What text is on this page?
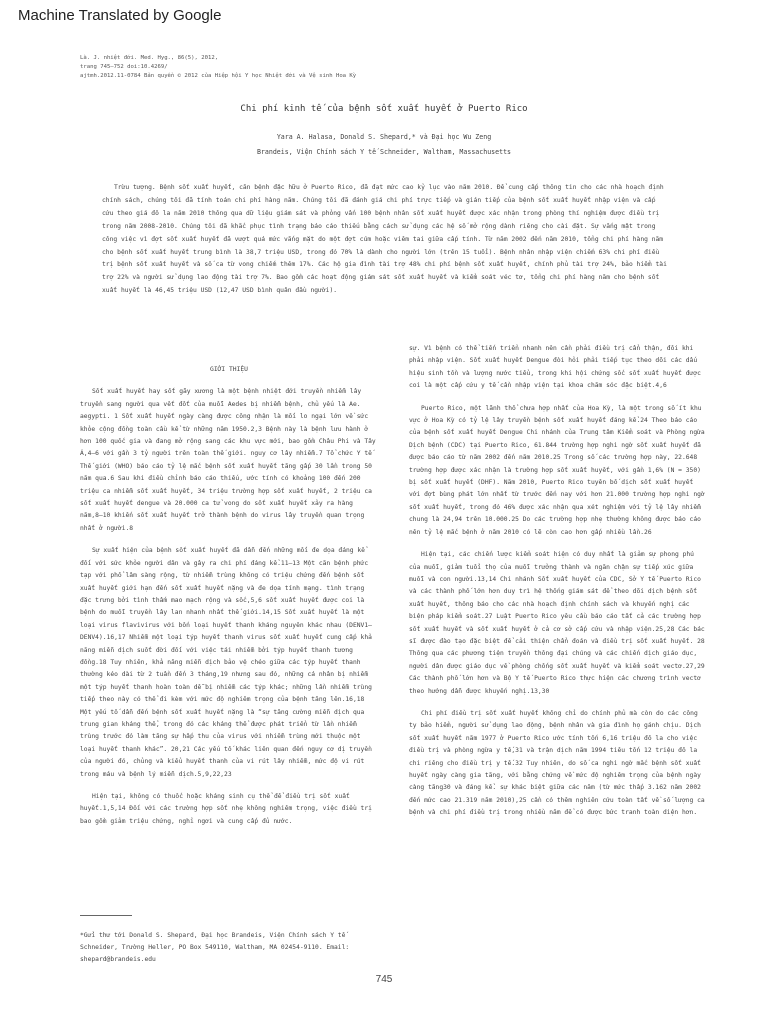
Machine Translated by Google
Là. J. nhiệt đới. Med. Hyg., 86(5), 2012,
trang 745–752 doi:10.4269/
ajtmh.2012.11-0784 Bản quyền © 2012 của Hiệp hội Y học Nhiệt đới và Vệ sinh Hoa Kỳ
Chi phí kinh tế của bệnh sốt xuất huyết ở Puerto Rico
Yara A. Halasa, Donald S. Shepard,* và Đại học Wu Zeng
Brandeis, Viện Chính sách Y tế Schneider, Waltham, Massachusetts
Trừu tượng. Bệnh sốt xuất huyết, căn bệnh đặc hữu ở Puerto Rico, đã đạt mức cao kỷ lục vào năm 2010. Để cung cấp thông tin cho các nhà hoạch định chính sách, chúng tôi đã tính toán chi phí hàng năm. Chúng tôi đã đánh giá chi phí trực tiếp và gián tiếp của bệnh sốt xuất huyết nhập viện và cấp cứu theo giá đô la năm 2010 thông qua dữ liệu giám sát và phỏng vấn 100 bệnh nhân sốt xuất huyết được xác nhận trong phòng thí nghiệm được điều trị trong năm 2008-2010. Chúng tôi đã khắc phục tình trạng báo cáo thiếu bằng cách sử dụng các hệ số mở rộng dành riêng cho cài đặt. Sự vắng mặt trong công việc vì đợt sốt xuất huyết đã vượt quá mức vắng mặt do một đợt cúm hoặc viêm tai giữa cấp tính. Từ năm 2002 đến năm 2010, tổng chi phí hàng năm cho bệnh sốt xuất huyết trung bình là 38,7 triệu USD, trong đó 70% là dành cho người lớn (trên 15 tuổi). Bệnh nhân nhập viện chiếm 63% chi phí điều trị bệnh sốt xuất huyết và số ca từ vong chiếm thêm 17%. Các hộ gia đình tài trợ 48% chi phí bệnh sốt xuất huyết, chính phủ tài trợ 24%, bảo hiểm tài trợ 22% và người sử dụng lao động tài trợ 7%. Bao gồm các hoạt động giám sát sốt xuất huyết và kiểm soát véc tơ, tổng chi phí hàng năm cho bệnh sốt xuất huyết là 46,45 triệu USD (12,47 USD bình quân đầu người).
GIỚI THIỆU

Sốt xuất huyết hay sốt gãy xương là một bệnh nhiệt đới truyền nhiễm lây truyền sang người qua vết đốt của muỗi Aedes bị nhiễm bệnh, chủ yếu là Ae. aegypti. 1 Sốt xuất huyết ngày càng được công nhận là mối lo ngại lớn về sức khỏe cộng đồng toàn cầu kể từ những năm 1950.2,3 Bệnh này là bệnh lưu hành ở hơn 100 quốc gia và đang mở rộng sang các khu vực mới, bao gồm Châu Phi và Tây Á,4–6 với gần 3 tỷ người trên toàn thế giới. nguy cơ lây nhiễm.7 Tổ chức Y tế Thế giới (WHO) báo cáo tỷ lệ mắc bệnh sốt xuất huyết tăng gấp 30 lần trong 50 năm qua.6 Sau khi điều chỉnh báo cáo thiếu, ước tính có khoảng 100 đến 200 triệu ca nhiễm sốt xuất huyết, 34 triệu trường hợp sốt xuất huyết, 2 triệu ca sốt xuất huyết dengue và 20.000 ca tử vong do sốt xuất huyết xảy ra hàng năm,8–10 khiến sốt xuất huyết trở thành bệnh do virus lây truyền quan trọng nhất ở người.8

Sự xuất hiện của bệnh sốt xuất huyết đã dẫn đến những mối đe dọa đáng kể đối với sức khỏe người dân và gây ra chi phí đáng kể.11–13 Một căn bệnh phức tạp với phổ lâm sàng rộng, từ nhiễm trùng không có triệu chứng đến bệnh sốt xuất huyết giới hạn đến sốt xuất huyết nặng và đe dọa tính mạng. tình trạng đặc trưng bởi tình thấm mao mạch rộng và sốc,5,6 sốt xuất huyết được coi là bệnh do muỗi truyền lây lan nhanh nhất thế giới.14,15 Sốt xuất huyết là một loại virus flavivirus với bốn loại huyết thanh kháng nguyên khác nhau (DENV1–DENV4).16,17 Nhiễm một loại týp huyết thanh virus sốt xuất huyết cung cấp khả năng miễn dịch suốt đời đối với việc tái nhiễm bởi týp huyết thanh tương đồng.18 Tuy nhiên, khả năng miễn dịch bảo vệ chéo giữa các týp huyết thanh thường kéo dài từ 2 tuần đến 3 tháng,19 nhưng sau đó, những cá nhân bị nhiễm một týp huyết thanh hoàn toàn dễ bị nhiễm các týp khác; những lần nhiễm trùng tiếp theo này có thể đi kèm với mức độ nghiêm trọng của bệnh tăng lên.16,18 Một yếu tố dẫn đến bệnh sốt xuất huyết nặng là “sự tăng cường miễn dịch qua trung gian kháng thể, trong đó các kháng thể được phát triển từ lần nhiễm trùng trước đó làm tăng sự hấp thu của virus với nhiễm trùng mới thuộc một loại huyết thanh khác”. 20,21 Các yếu tố khác liên quan đến nguy cơ dị truyền của người đó, chủng và kiểu huyết thanh của vi rút lây nhiễm, mức độ vi rút trong máu và bệnh lý miễn dịch.5,9,22,23

Hiện tại, không có thuốc hoặc kháng sinh cụ thể để điều trị sốt xuất huyết.1,5,14 Đối với các trường hợp sốt nhẹ không nghiêm trọng, việc điều trị bao gồm giảm triệu chứng, nghỉ ngơi và cung cấp đủ nước.

sự. Vì bệnh có thể tiến triển nhanh nên cần phải điều trị cẩn thận, đôi khi phải nhập viện. Sốt xuất huyết Dengue đòi hỏi phải tiếp tục theo dõi các dấu hiệu sinh tồn và lượng nước tiểu, trong khi hội chứng sốc sốt xuất huyết được coi là một cấp cứu y tế cần nhập viện tại khoa chăm sóc đặc biệt.4,6

Puerto Rico, một lãnh thổ chưa hợp nhất của Hoa Kỳ, là một trong số ít khu vực ở Hoa Kỳ có tỷ lệ lây truyền bệnh sốt xuất huyết đáng kể.24 Theo báo cáo của bệnh sốt xuất huyết Dengue Chi nhánh của Trung tâm Kiểm soát và Phòng ngừa Dịch bệnh (CDC) tại Puerto Rico, 61.844 trường hợp nghi ngờ sốt xuất huyết đã được báo cáo từ năm 2002 đến năm 2010.25 Trong số các trường hợp này, 22.648 trường hợp được xác nhận là trường hợp sốt xuất huyết, với gần 1,6% (N = 350) bị sốt xuất huyết (DHF). Năm 2010, Puerto Rico tuyên bố dịch sốt xuất huyết với đợt bùng phát lớn nhất từ trước đến nay với hơn 21.000 trường hợp nghi ngờ sốt xuất huyết, trong đó 46% được xác nhận qua xét nghiệm với tỷ lệ lây nhiễm chung là 24,94 trên 10.000.25 Do các trường hợp nhẹ thường không được báo cáo nên tỷ lệ mắc bệnh ở năm 2010 có lẽ còn cao hơn gấp nhiều lần.26

Hiện tại, các chiến lược kiểm soát hiện có duy nhất là giảm sự phong phú của muỗi, giảm tuổi thọ của muỗi trưởng thành và ngăn chặn sự tiếp xúc giữa muỗi và con người.13,14 Chi nhánh Sốt xuất huyết của CDC, Sở Y tế Puerto Rico và các thành phố lớn hơn duy trì hệ thống giám sát để theo dõi dịch bệnh sốt xuất huyết, thông báo cho các nhà hoạch định chính sách và khuyến nghị các biện pháp kiểm soát.27 Luật Puerto Rico yêu cầu báo cáo tất cả các trường hợp sốt xuất huyết và sốt xuất huyết ở cả cơ sở cấp cứu và nhập viện.25,28 Các bác sĩ được đào tạo đặc biệt để cải thiện chẩn đoán và điều trị sốt xuất huyết. 28 Thông qua các phương tiện truyền thông đại chúng và các chiến dịch giáo dục, người dân được giáo dục về phòng chống sốt xuất huyết và kiểm soát vectơ.27,29 Các thành phố lớn hơn và Bộ Y tế Puerto Rico thực hiện các chương trình vectơ theo hướng dẫn được khuyến nghị.13,30

Chi phí điều trị sốt xuất huyết không chỉ do chính phủ mà còn do các công ty bảo hiểm, người sử dụng lao động, bệnh nhân và gia đình họ gánh chịu. Dịch sốt xuất huyết năm 1977 ở Puerto Rico ước tính tốn 6,16 triệu đô la cho việc điều trị và phòng ngừa y tế,31 và trận dịch năm 1994 tiêu tốn 12 triệu đô la chi riêng cho điều trị y tế.32 Tuy nhiên, do số ca nghi ngờ mắc bệnh sốt xuất huyết ngày càng gia tăng, với bằng chứng về mức độ nghiêm trọng của bệnh ngày càng tăng30 và đáng kể. sự khác biệt giữa các năm (từ mức thấp 3.162 năm 2002 đến mức cao 21.319 năm 2010),25 cần có thêm nghiên cứu toàn tất về số lượng ca bệnh và chi phí điều trị trong nhiều năm để có được bức tranh toàn diện hơn.

*Gửi thư tới Donald S. Shepard, Đại học Brandeis, Viện Chính sách Y tế Schneider, Trường Heller, PO Box 549110, Waltham, MA 02454-9110. Email: shepard@brandeis.edu
745
